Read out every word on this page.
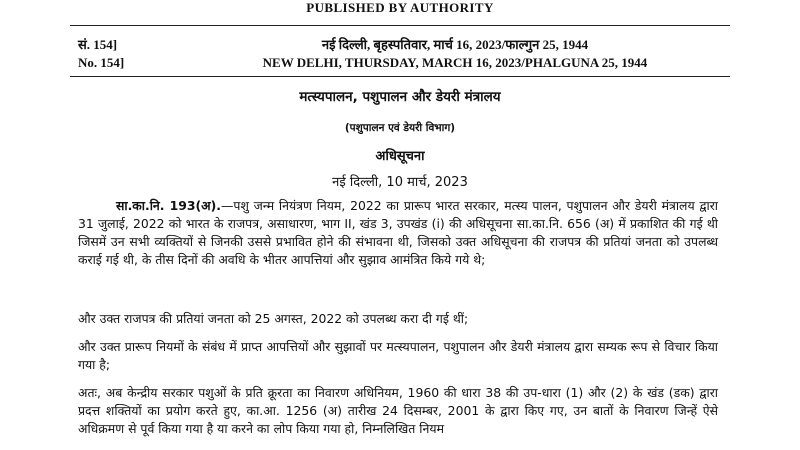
PUBLISHED BY AUTHORITY
सं. 154]	नई दिल्ली, बृहस्पतिवार, मार्च 16, 2023/फाल्गुन 25, 1944
No. 154]	NEW DELHI, THURSDAY, MARCH 16, 2023/PHALGUNA 25, 1944
मत्स्यपालन, पशुपालन और डेयरी मंत्रालय
(पशुपालन एवं डेयरी विभाग)
अधिसूचना
नई दिल्ली, 10 मार्च, 2023
सा.का.नि. 193(अ).—पशु जन्म नियंत्रण नियम, 2022 का प्रारूप भारत सरकार, मत्स्य पालन, पशुपालन और डेयरी मंत्रालय द्वारा 31 जुलाई, 2022 को भारत के राजपत्र, असाधारण, भाग II, खंड 3, उपखंड (i) की अधिसूचना सा.का.नि. 656 (अ) में प्रकाशित की गई थी जिसमें उन सभी व्यक्तियों से जिनकी उससे प्रभावित होने की संभावना थी, जिसको उक्त अधिसूचना की राजपत्र की प्रतियां जनता को उपलब्ध कराई गई थी, के तीस दिनों की अवधि के भीतर आपत्तियां और सुझाव आमंत्रित किये गये थे;
और उक्त राजपत्र की प्रतियां जनता को 25 अगस्त, 2022 को उपलब्ध करा दी गई थीं;
और उक्त प्रारूप नियमों के संबंध में प्राप्त आपत्तियों और सुझावों पर मत्स्यपालन, पशुपालन और डेयरी मंत्रालय द्वारा सम्यक रूप से विचार किया गया है;
अतः, अब केन्द्रीय सरकार पशुओं के प्रति क्रूरता का निवारण अधिनियम, 1960 की धारा 38 की उप-धारा (1) और (2) के खंड (डक) द्वारा प्रदत्त शक्तियों का प्रयोग करते हुए, का.आ. 1256 (अ) तारीख 24 दिसम्बर, 2001 के द्वारा किए गए, उन बातों के निवारण जिन्हें ऐसे अधिक्रमण से पूर्व किया गया है या करने का लोप किया गया हो, निम्नलिखित नियम
